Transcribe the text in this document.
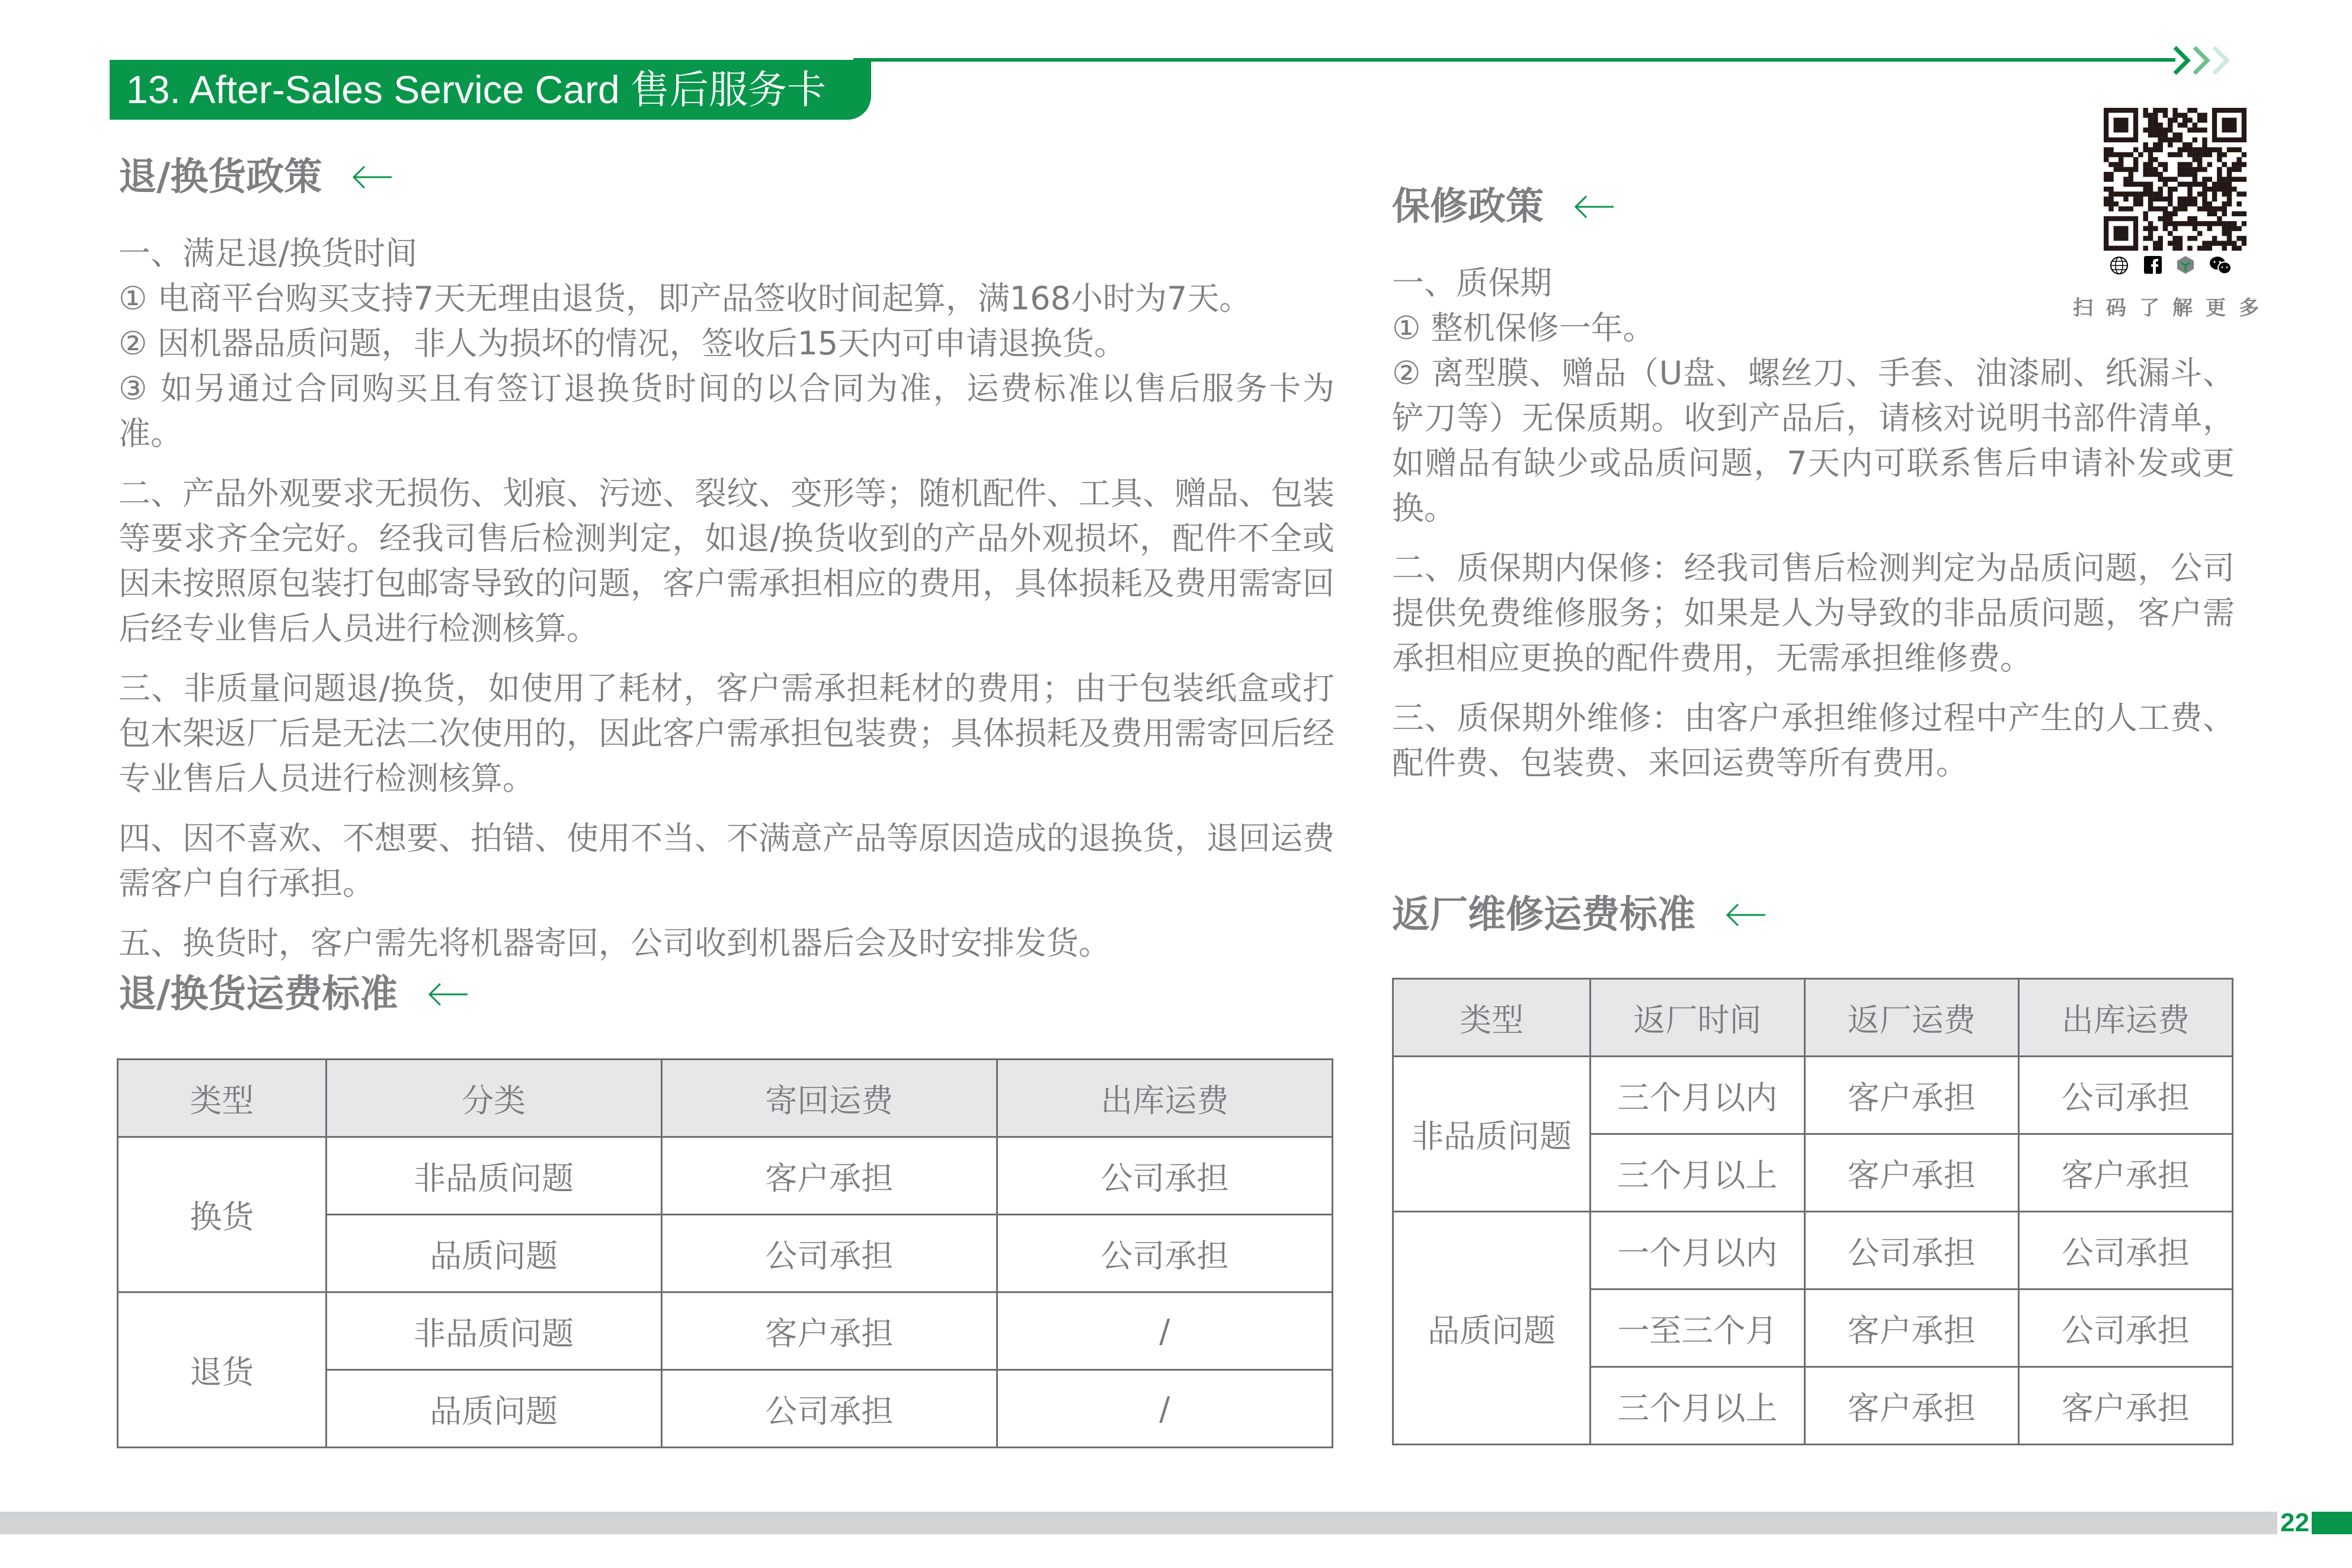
13. After-Sales Service Card 售后服务卡
扫码了解更多
退/换货政策

一、满足退/换货时间

① 电商平台购买支持7天无理由退货，即产品签收时间起算，满168小时为7天。

② 因机器品质问题，非人为损坏的情况，签收后15天内可申请退换货。

③ 如另通过合同购买且有签订退换货时间的以合同为准，运费标准以售后服务卡为准。

二、产品外观要求无损伤、划痕、污迹、裂纹、变形等；随机配件、工具、赠品、包装等要求齐全完好。经我司售后检测判定，如退/换货收到的产品外观损坏，配件不全或因未按照原包装打包邮寄导致的问题，客户需承担相应的费用，具体损耗及费用需寄回后经专业售后人员进行检测核算。

三、非质量问题退/换货，如使用了耗材，客户需承担耗材的费用；由于包装纸盒或打包木架返厂后是无法二次使用的，因此客户需承担包装费；具体损耗及费用需寄回后经专业售后人员进行检测核算。

四、因不喜欢、不想要、拍错、使用不当、不满意产品等原因造成的退换货，退回运费需客户自行承担。

五、换货时，客户需先将机器寄回，公司收到机器后会及时安排发货。

退/换货运费标准
类型	分类	寄回运费	出库运费
换货	非品质问题	客户承担	公司承担
	品质问题	公司承担	公司承担
退货	非品质问题	客户承担	/
	品质问题	公司承担	/
保修政策

一、质保期

① 整机保修一年。

② 离型膜、赠品（U盘、螺丝刀、手套、油漆刷、纸漏斗、铲刀等）无保质期。收到产品后，请核对说明书部件清单，如赠品有缺少或品质问题，7天内可联系售后申请补发或更换。

二、质保期内保修：经我司售后检测判定为品质问题，公司提供免费维修服务；如果是人为导致的非品质问题，客户需承担相应更换的配件费用，无需承担维修费。

三、质保期外维修：由客户承担维修过程中产生的人工费、配件费、包装费、来回运费等所有费用。

返厂维修运费标准
类型	返厂时间	返厂运费	出库运费
非品质问题	三个月以内	客户承担	公司承担
	三个月以上	客户承担	客户承担
品质问题	一个月以内	公司承担	公司承担
	一至三个月	客户承担	公司承担
	三个月以上	客户承担	客户承担
22
